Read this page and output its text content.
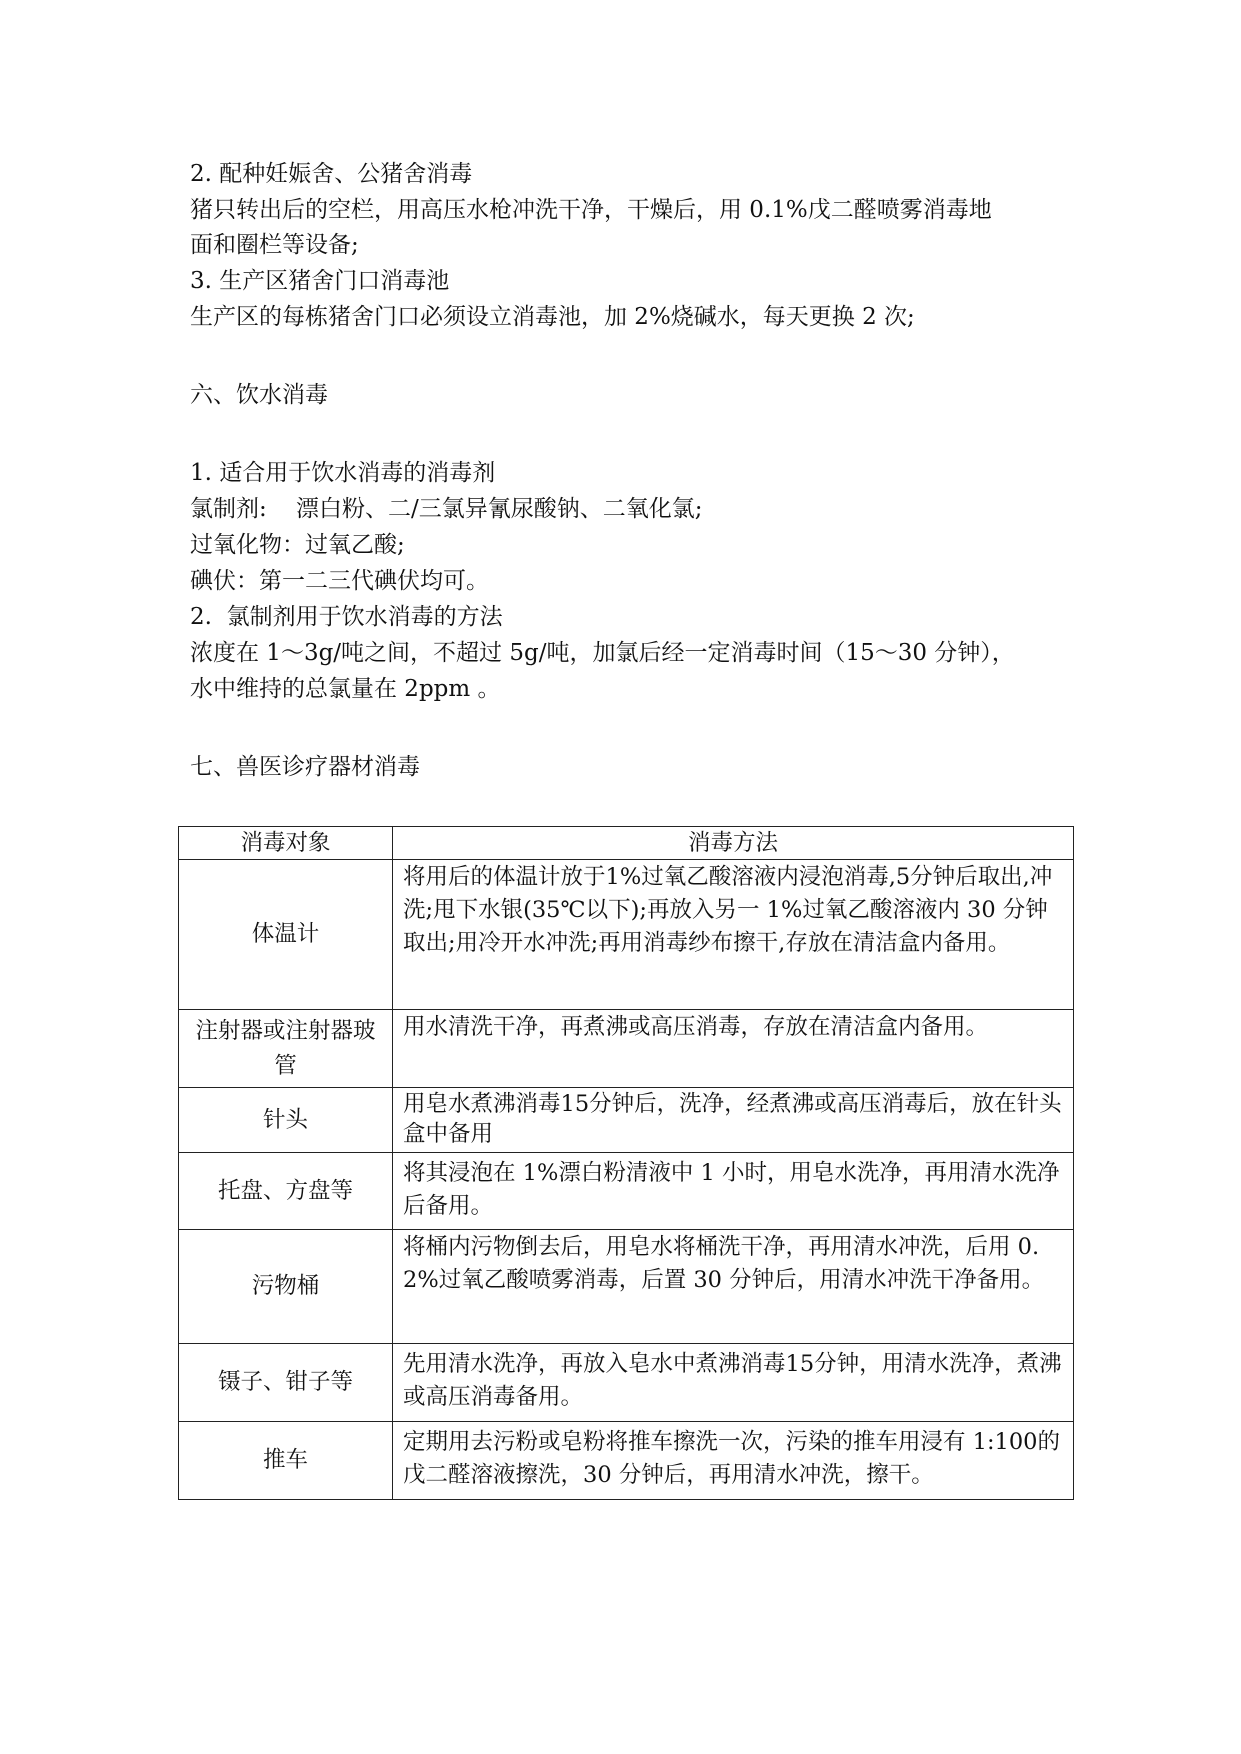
2. 配种妊娠舍、公猪舍消毒
猪只转出后的空栏，用高压水枪冲洗干净，干燥后，用 0.1%戊二醛喷雾消毒地
面和圈栏等设备;
3. 生产区猪舍门口消毒池
生产区的每栋猪舍门口必须设立消毒池，加 2%烧碱水，每天更换 2 次;
六、饮水消毒
1. 适合用于饮水消毒的消毒剂
氯制剂:    漂白粉、二/三氯异氰尿酸钠、二氧化氯;
过氧化物：过氧乙酸;
碘伏：第一二三代碘伏均可。
2.  氯制剂用于饮水消毒的方法
浓度在 1～3g/吨之间，不超过 5g/吨，加氯后经一定消毒时间（15～30 分钟），
水中维持的总氯量在 2ppm 。
七、兽医诊疗器材消毒
消毒对象	消毒方法
体温计	将用后的体温计放于1%过氧乙酸溶液内浸泡消毒,5分钟后取出,冲洗;甩下水银(35℃以下);再放入另一 1%过氧乙酸溶液内 30 分钟取出;用冷开水冲洗;再用消毒纱布擦干,存放在清洁盒内备用。
注射器或注射器玻管	用水清洗干净，再煮沸或高压消毒，存放在清洁盒内备用。
针头	用皂水煮沸消毒15分钟后，洗净，经煮沸或高压消毒后，放在针头盒中备用
托盘、方盘等	将其浸泡在 1%漂白粉清液中 1 小时，用皂水洗净，再用清水洗净后备用。
污物桶	将桶内污物倒去后，用皂水将桶洗干净，再用清水冲洗，后用 0.2%过氧乙酸喷雾消毒，后置 30 分钟后，用清水冲洗干净备用。
镊子、钳子等	先用清水洗净，再放入皂水中煮沸消毒15分钟，用清水洗净，煮沸或高压消毒备用。
推车	定期用去污粉或皂粉将推车擦洗一次，污染的推车用浸有 1:100的戊二醛溶液擦洗，30 分钟后，再用清水冲洗，擦干。
